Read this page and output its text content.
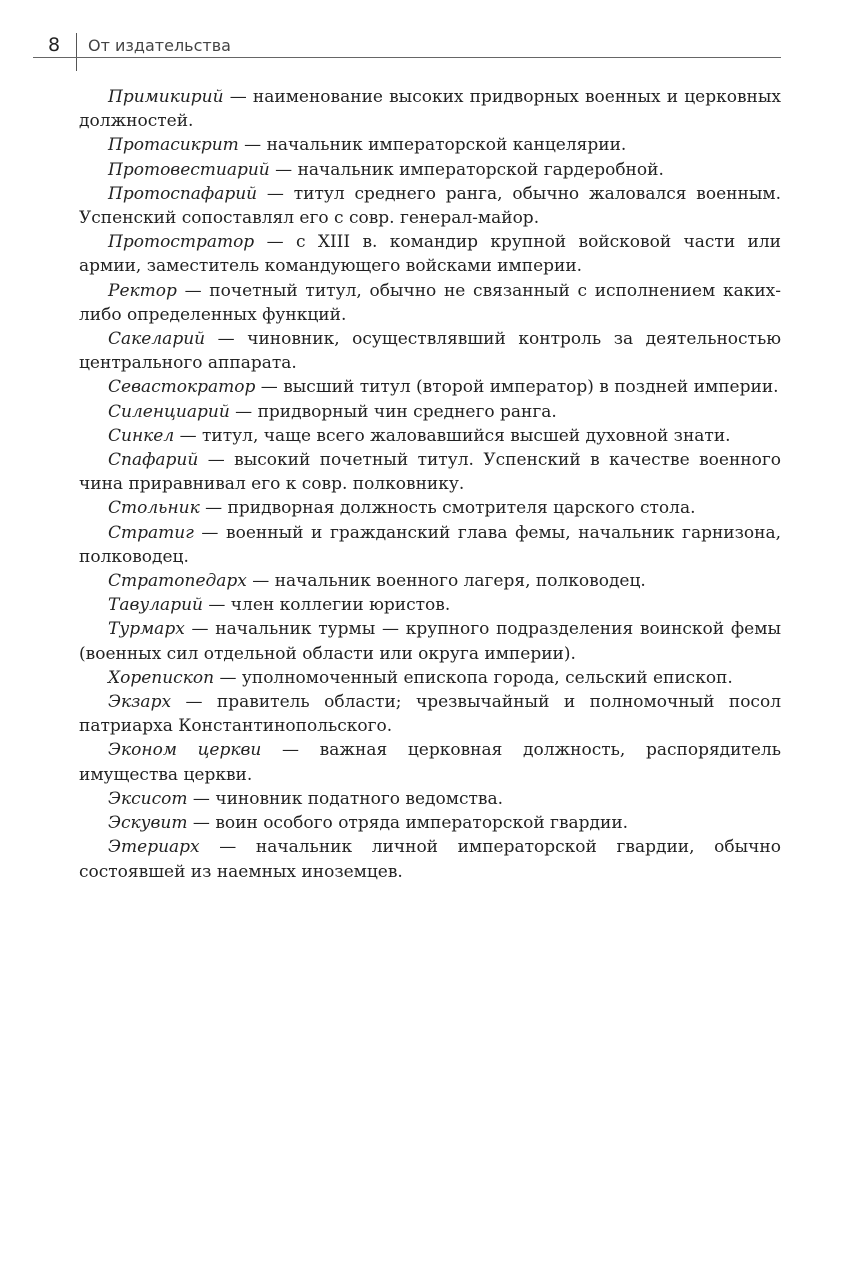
8 От издательства

Примикирий — наименование высоких придворных военных и церковных должностей.

Протасикрит — начальник императорской канцелярии.

Протовестиарий — начальник императорской гардеробной.

Протоспафарий — титул среднего ранга, обычно жаловался военным. Успенский сопоставлял его с совр. генерал-майор.

Протостратор — с XIII в. командир крупной войсковой части или армии, заместитель командующего войсками империи.

Ректор — почетный титул, обычно не связанный с исполнением каких-либо определенных функций.

Сакеларий — чиновник, осуществлявший контроль за деятельностью центрального аппарата.

Севастократор — высший титул (второй император) в поздней империи.

Силенциарий — придворный чин среднего ранга.

Синкел — титул, чаще всего жаловавшийся высшей духовной знати.

Спафарий — высокий почетный титул. Успенский в качестве военного чина приравнивал его к совр. полковнику.

Стольник — придворная должность смотрителя царского стола.

Стратиг — военный и гражданский глава фемы, начальник гарнизона, полководец.

Стратопедарх — начальник военного лагеря, полководец.

Тавуларий — член коллегии юристов.

Турмарх — начальник турмы — крупного подразделения воинской фемы (военных сил отдельной области или округа империи).

Хорепископ — уполномоченный епископа города, сельский епископ.

Экзарх — правитель области; чрезвычайный и полномочный посол патриарха Константинопольского.

Эконом церкви — важная церковная должность, распорядитель имущества церкви.

Эксисот — чиновник податного ведомства.

Эскувит — воин особого отряда императорской гвардии.

Этериарх — начальник личной императорской гвардии, обычно состоявшей из наемных иноземцев.
